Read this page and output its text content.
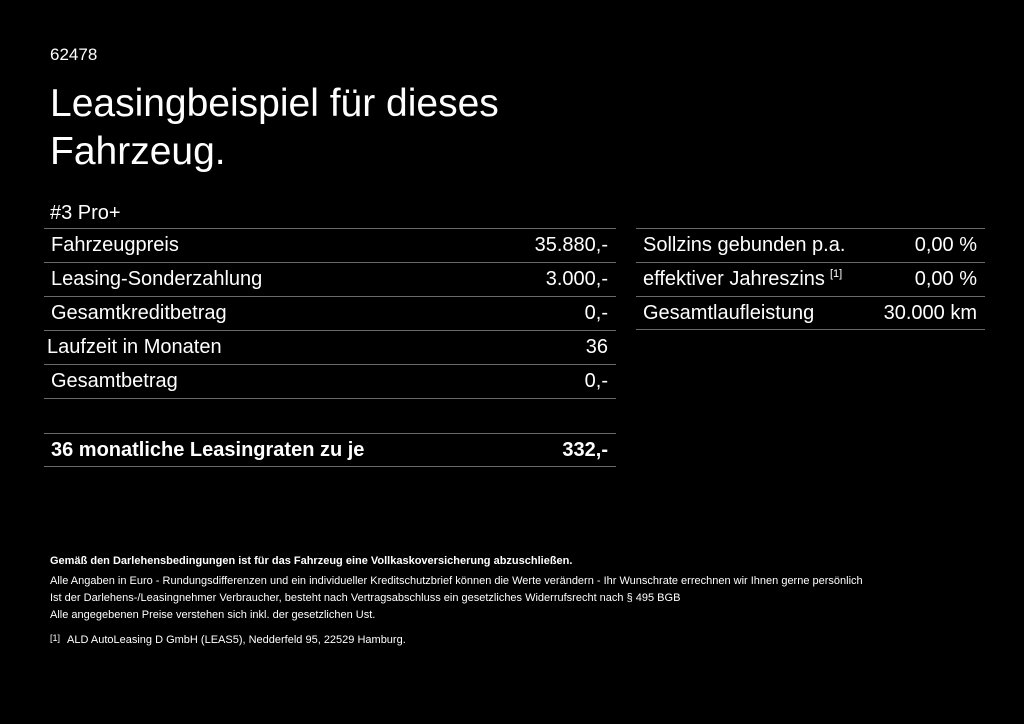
62478
Leasingbeispiel für dieses Fahrzeug.
#3 Pro+
Fahrzeugpreis	35.880,-
Leasing-Sonderzahlung	3.000,-
Gesamtkreditbetrag	0,-
Laufzeit in Monaten	36
Gesamtbetrag	0,-
36 monatliche Leasingraten zu je	332,-
Sollzins gebunden p.a.	0,00 %
effektiver Jahreszins [1]	0,00 %
Gesamtlaufleistung	30.000 km
Gemäß den Darlehensbedingungen ist für das Fahrzeug eine Vollkaskoversicherung abzuschließen.
Alle Angaben in Euro - Rundungsdifferenzen und ein individueller Kreditschutzbrief können die Werte verändern - Ihr Wunschrate errechnen wir Ihnen gerne persönlich
Ist der Darlehens-/Leasingnehmer Verbraucher, besteht nach Vertragsabschluss ein gesetzliches Widerrufsrecht nach § 495 BGB
Alle angegebenen Preise verstehen sich inkl. der gesetzlichen Ust.
[1] ALD AutoLeasing D GmbH (LEAS5), Nedderfeld 95, 22529 Hamburg.
